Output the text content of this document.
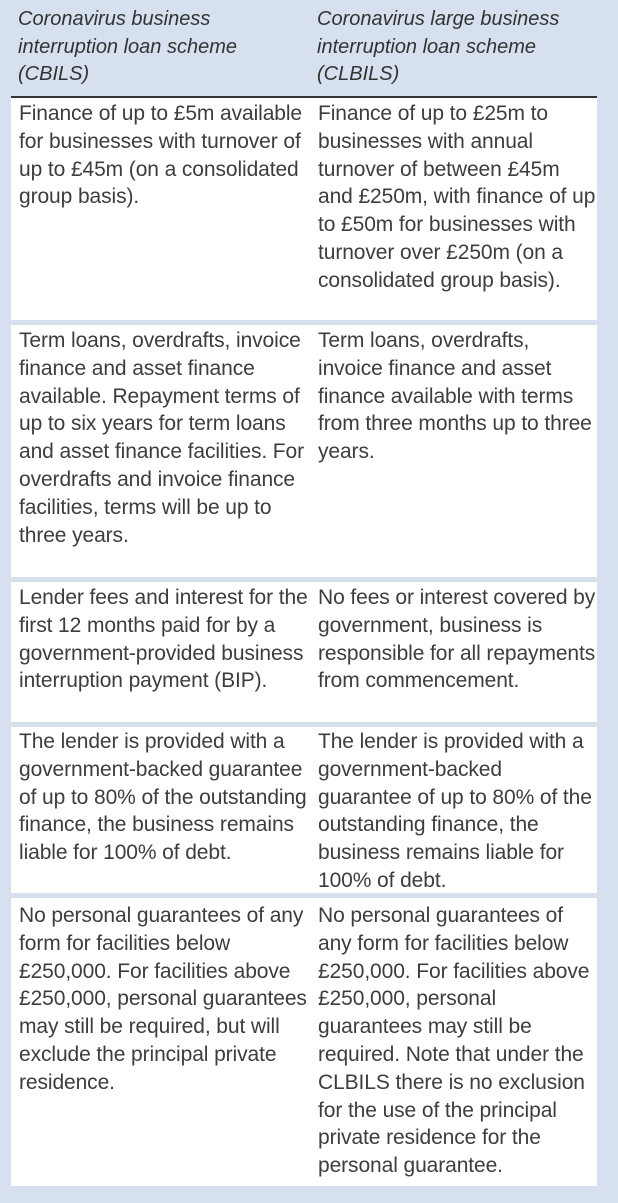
Coronavirus business interruption loan scheme (CBILS)
Coronavirus large business interruption loan scheme (CLBILS)
Finance of up to £5m available for businesses with turnover of up to £45m (on a consolidated group basis).
Finance of up to £25m to businesses with annual turnover of between £45m and £250m, with finance of up to £50m for businesses with turnover over £250m (on a consolidated group basis).
Term loans, overdrafts, invoice finance and asset finance available. Repayment terms of up to six years for term loans and asset finance facilities. For overdrafts and invoice finance facilities, terms will be up to three years.
Term loans, overdrafts, invoice finance and asset finance available with terms from three months up to three years.
Lender fees and interest for the first 12 months paid for by a government-provided business interruption payment (BIP).
No fees or interest covered by government, business is responsible for all repayments from commencement.
The lender is provided with a government-backed guarantee of up to 80% of the outstanding finance, the business remains liable for 100% of debt.
The lender is provided with a government-backed guarantee of up to 80% of the outstanding finance, the business remains liable for 100% of debt.
No personal guarantees of any form for facilities below £250,000. For facilities above £250,000, personal guarantees may still be required, but will exclude the principal private residence.
No personal guarantees of any form for facilities below £250,000. For facilities above £250,000, personal guarantees may still be required. Note that under the CLBILS there is no exclusion for the use of the principal private residence for the personal guarantee.
